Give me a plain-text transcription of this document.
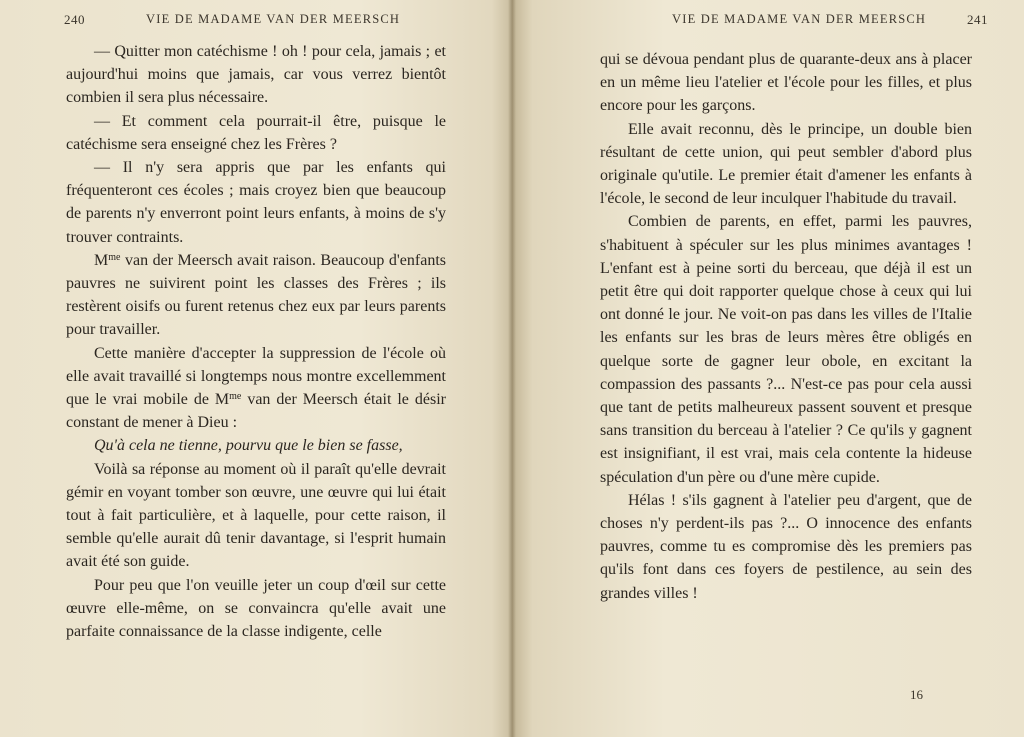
240	VIE DE MADAME VAN DER MEERSCH

— Quitter mon catéchisme ! oh ! pour cela, jamais ; et aujourd'hui moins que jamais, car vous verrez bientôt combien il sera plus nécessaire.

— Et comment cela pourrait-il être, puisque le catéchisme sera enseigné chez les Frères ?

— Il n'y sera appris que par les enfants qui fréquenteront ces écoles ; mais croyez bien que beaucoup de parents n'y enverront point leurs enfants, à moins de s'y trouver contraints.

$M^{me}$ van der Meersch avait raison. Beaucoup d'enfants pauvres ne suivirent point les classes des Frères ; ils restèrent oisifs ou furent retenus chez eux par leurs parents pour travailler.

Cette manière d'accepter la suppression de l'école où elle avait travaillé si longtemps nous montre excellemment que le vrai mobile de $M^{me}$ van der Meersch était le désir constant de mener à Dieu :

Qu'à cela ne tienne, pourvu que le bien se fasse,

Voilà sa réponse au moment où il paraît qu'elle devrait gémir en voyant tomber son œuvre, une œuvre qui lui était tout à fait particulière, et à laquelle, pour cette raison, il semble qu'elle aurait dû tenir davantage, si l'esprit humain avait été son guide.

Pour peu que l'on veuille jeter un coup d'œil sur cette œuvre elle-même, on se convaincra qu'elle avait une parfaite connaissance de la classe indigente, celle

VIE DE MADAME VAN DER MEERSCH	241

qui se dévoua pendant plus de quarante-deux ans à placer en un même lieu l'atelier et l'école pour les filles, et plus encore pour les garçons.

Elle avait reconnu, dès le principe, un double bien résultant de cette union, qui peut sembler d'abord plus originale qu'utile. Le premier était d'amener les enfants à l'école, le second de leur inculquer l'habitude du travail.

Combien de parents, en effet, parmi les pauvres, s'habituent à spéculer sur les plus minimes avantages ! L'enfant est à peine sorti du berceau, que déjà il est un petit être qui doit rapporter quelque chose à ceux qui lui ont donné le jour. Ne voit-on pas dans les villes de l'Italie les enfants sur les bras de leurs mères être obligés en quelque sorte de gagner leur obole, en excitant la compassion des passants ?... N'est-ce pas pour cela aussi que tant de petits malheureux passent souvent et presque sans transition du berceau à l'atelier ? Ce qu'ils y gagnent est insignifiant, il est vrai, mais cela contente la hideuse spéculation d'un père ou d'une mère cupide.

Hélas ! s'ils gagnent à l'atelier peu d'argent, que de choses n'y perdent-ils pas ?... O innocence des enfants pauvres, comme tu es compromise dès les premiers pas qu'ils font dans ces foyers de pestilence, au sein des grandes villes !

16
